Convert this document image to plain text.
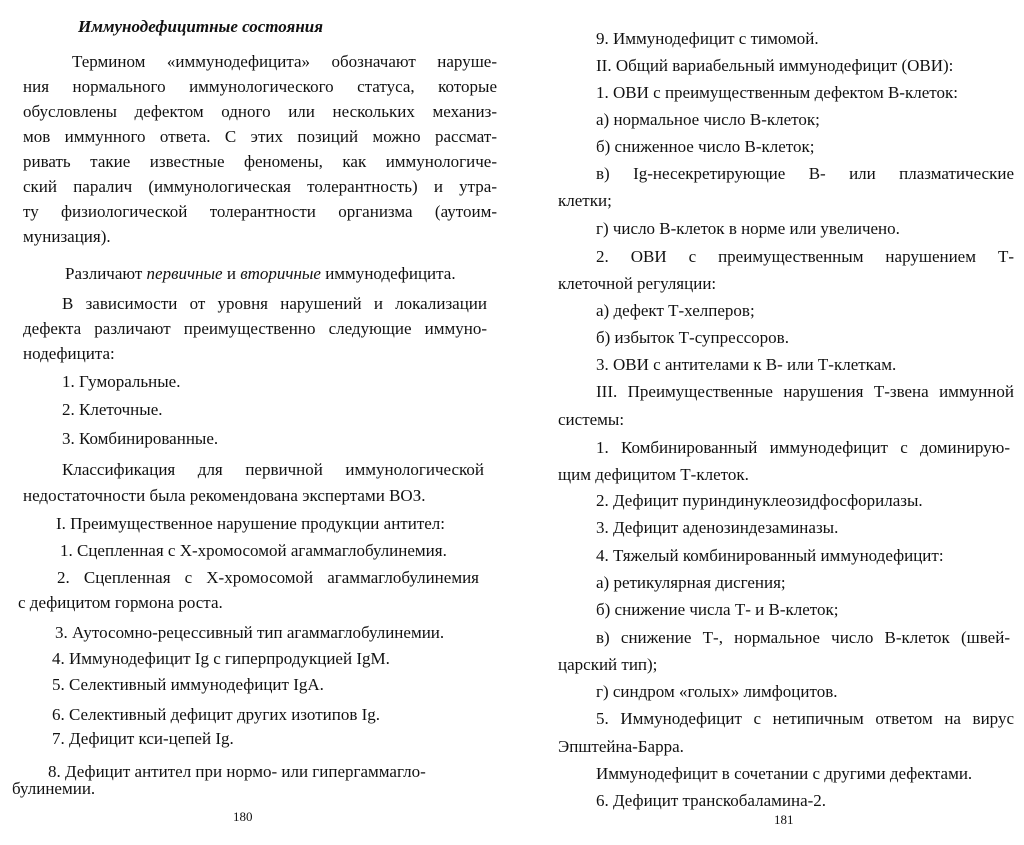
Иммунодефицитные состояния
Термином «иммунодефицита» обозначают наруше-
ния нормального иммунологического статуса, которые
обусловлены дефектом одного или нескольких механиз-
мов иммунного ответа. С этих позиций можно рассмат-
ривать такие известные феномены, как иммунологиче-
ский паралич (иммунологическая толерантность) и утра-
ту физиологической толерантности организма (аутоим-
мунизация).
Различают первичные и вторичные иммунодефицита.
В зависимости от уровня нарушений и локализации
дефекта различают преимущественно следующие иммуно-
нодефицита:
1. Гуморальные.
2. Клеточные.
3. Комбинированные.
Классификация для первичной иммунологической
недостаточности была рекомендована экспертами ВОЗ.
I. Преимущественное нарушение продукции антител:
1. Сцепленная с Х-хромосомой агаммаглобулинемия.
2. Сцепленная с Х-хромосомой агаммаглобулинемия
с дефицитом гормона роста.
3. Аутосомно-рецессивный тип агаммаглобулинемии.
4. Иммунодефицит Ig с гиперпродукцией IgM.
5. Селективный иммунодефицит IgA.
6. Селективный дефицит других изотипов Ig.
7. Дефицит кси-цепей Ig.
8. Дефицит антител при нормо- или гипергаммагло-
булинемии.
180
9. Иммунодефицит с тимомой.
II. Общий вариабельный иммунодефицит (ОВИ):
1. ОВИ с преимущественным дефектом В-клеток:
а) нормальное число В-клеток;
б) сниженное число В-клеток;
в) Ig-несекретирующие В- или плазматические
клетки;
г) число В-клеток в норме или увеличено.
2. ОВИ с преимущественным нарушением Т-
клеточной регуляции:
а) дефект Т-хелперов;
б) избыток Т-супрессоров.
3. ОВИ с антителами к В- или Т-клеткам.
III. Преимущественные нарушения Т-звена иммунной
системы:
1. Комбинированный иммунодефицит с доминирую-
щим дефицитом Т-клеток.
2. Дефицит пуриндинуклеозидфосфорилазы.
3. Дефицит аденозиндезаминазы.
4. Тяжелый комбинированный иммунодефицит:
а) ретикулярная дисгения;
б) снижение числа Т- и В-клеток;
в) снижение Т-, нормальное число В-клеток (швей-
царский тип);
г) синдром «голых» лимфоцитов.
5. Иммунодефицит с нетипичным ответом на вирус
Эпштейна-Барра.
Иммунодефицит в сочетании с другими дефектами.
6. Дефицит транскобаламина-2.
181
